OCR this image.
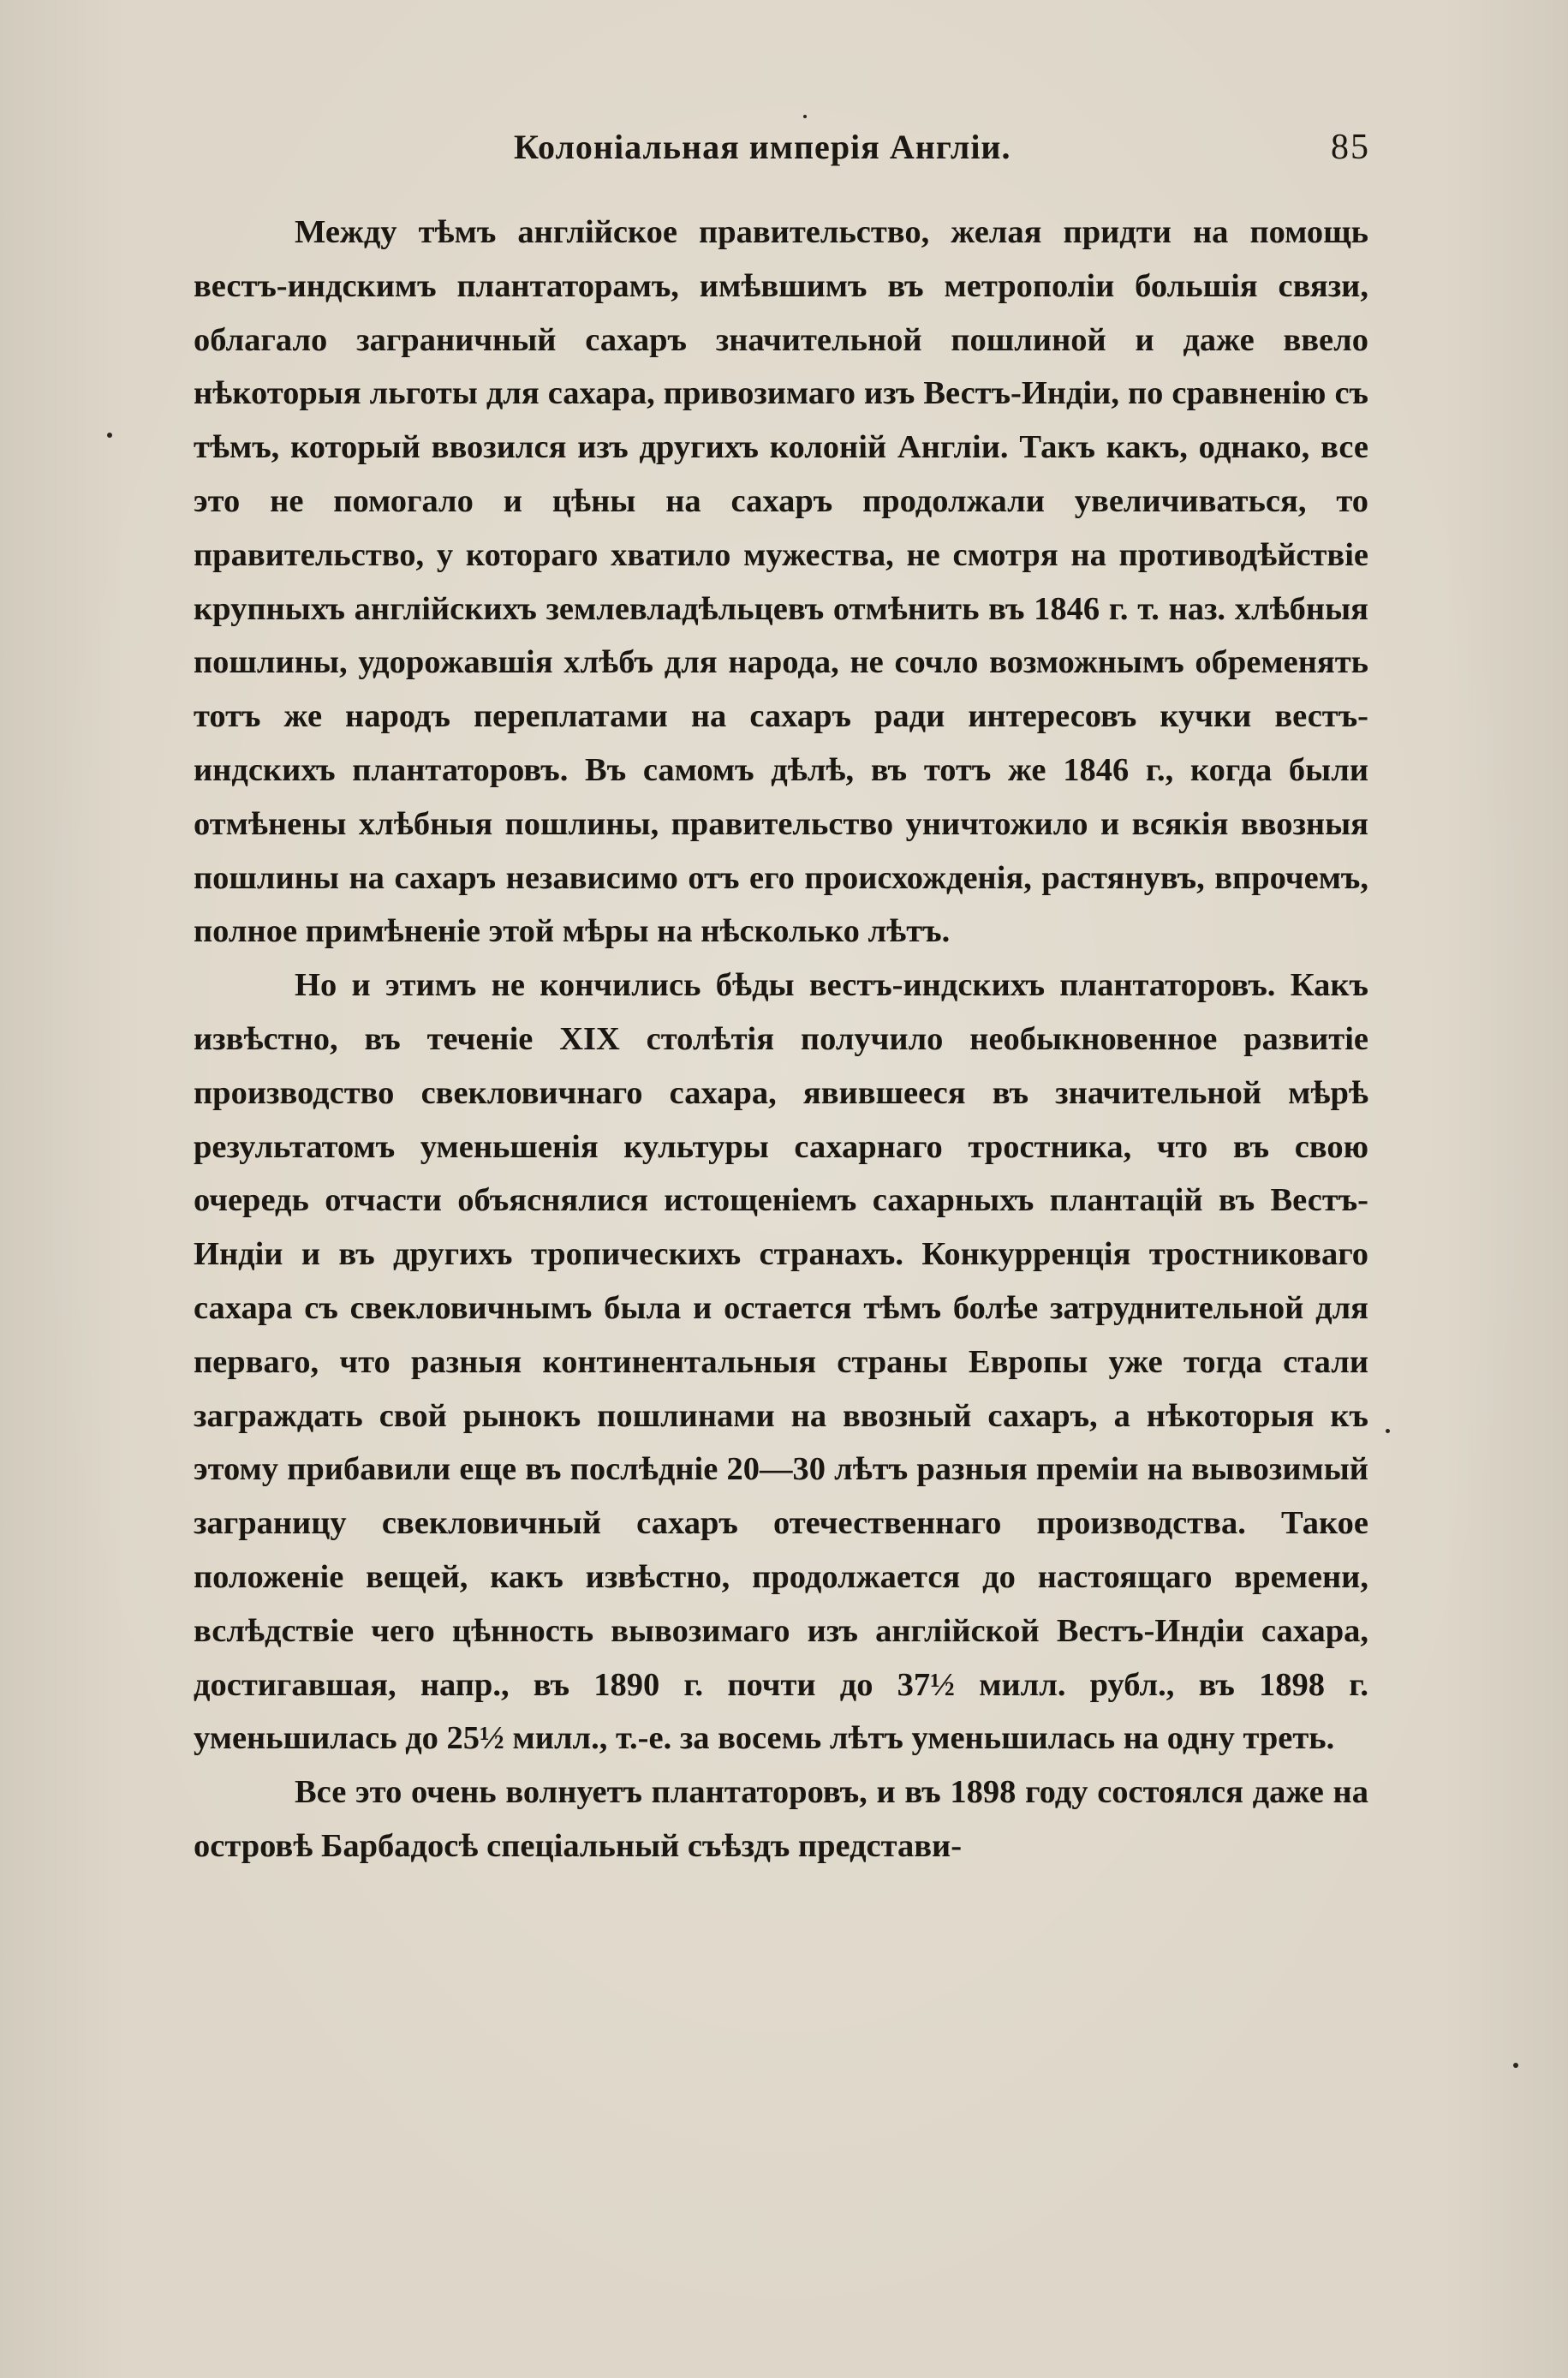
Колоніальная имперія Англіи.	85

Между тѣмъ англійское правительство, желая придти на помощь вестъ-индскимъ плантаторамъ, имѣвшимъ въ метрополіи большія связи, облагало заграничный сахаръ значительной пошлиной и даже ввело нѣкоторыя льготы для сахара, привозимаго изъ Вестъ-Индіи, по сравненію съ тѣмъ, который ввозился изъ другихъ колоній Англіи. Такъ какъ, однако, все это не помогало и цѣны на сахаръ продолжали увеличиваться, то правительство, у котораго хватило мужества, не смотря на противодѣйствіе крупныхъ англійскихъ землевладѣльцевъ отмѣнить въ 1846 г. т. наз. хлѣбныя пошлины, удорожавшія хлѣбъ для народа, не сочло возможнымъ обременять тотъ же народъ переплатами на сахаръ ради интересовъ кучки вестъ-индскихъ плантаторовъ. Въ самомъ дѣлѣ, въ тотъ же 1846 г., когда были отмѣнены хлѣбныя пошлины, правительство уничтожило и всякія ввозныя пошлины на сахаръ независимо отъ его происхожденія, растянувъ, впрочемъ, полное примѣненіе этой мѣры на нѣсколько лѣтъ.

Но и этимъ не кончились бѣды вестъ-индскихъ плантаторовъ. Какъ извѣстно, въ теченіе XIX столѣтія получило необыкновенное развитіе производство свекловичнаго сахара, явившееся въ значительной мѣрѣ результатомъ уменьшенія культуры сахарнаго тростника, что въ свою очередь отчасти объяснялися истощеніемъ сахарныхъ плантацій въ Вестъ-Индіи и въ другихъ тропическихъ странахъ. Конкурренція тростниковаго сахара съ свекловичнымъ была и остается тѣмъ болѣе затруднительной для перваго, что разныя континентальныя страны Европы уже тогда стали заграждать свой рынокъ пошлинами на ввозный сахаръ, а нѣкоторыя къ этому прибавили еще въ послѣдніе 20—30 лѣтъ разныя преміи на вывозимый заграницу свекловичный сахаръ отечественнаго производства. Такое положеніе вещей, какъ извѣстно, продолжается до настоящаго времени, вслѣдствіе чего цѣнность вывозимаго изъ англійской Вестъ-Индіи сахара, достигавшая, напр., въ 1890 г. почти до 37½ милл. рубл., въ 1898 г. уменьшилась до 25½ милл., т.-е. за восемь лѣтъ уменьшилась на одну треть.

Все это очень волнуетъ плантаторовъ, и въ 1898 году состоялся даже на островѣ Барбадосѣ спеціальный съѣздъ представи-
